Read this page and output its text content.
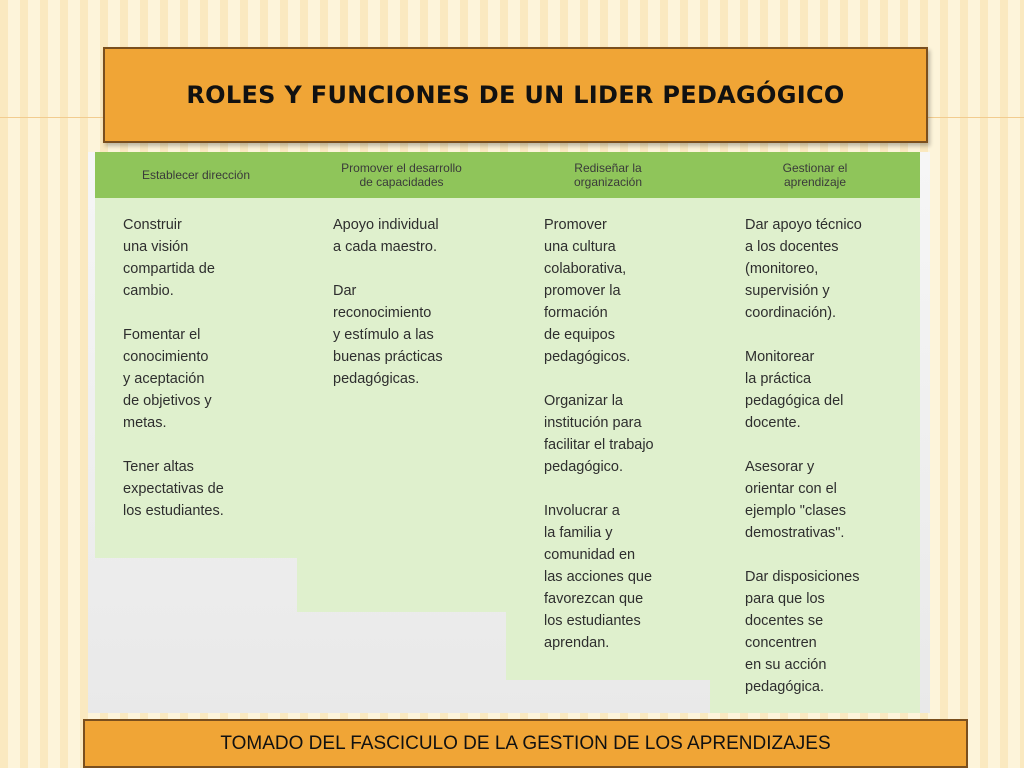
ROLES Y FUNCIONES DE UN LIDER PEDAGÓGICO
Establecer dirección
Construir
una visión
compartida de
cambio.
Fomentar el
conocimiento
y aceptación
de objetivos y
metas.
Tener altas
expectativas de
los estudiantes.
Promover el desarrollo
de capacidades
Apoyo individual
a cada maestro.
Dar
reconocimiento
y estímulo a las
buenas prácticas
pedagógicas.
Rediseñar la
organización
Promover
una cultura
colaborativa,
promover la
formación
de equipos
pedagógicos.
Organizar la
institución para
facilitar el trabajo
pedagógico.
Involucrar a
la familia y
comunidad en
las acciones que
favorezcan que
los estudiantes
aprendan.
Gestionar el
aprendizaje
Dar apoyo técnico
a los docentes
(monitoreo,
supervisión y
coordinación).
Monitorear
la práctica
pedagógica del
docente.
Asesorar y
orientar con el
ejemplo "clases
demostrativas".
Dar disposiciones
para que los
docentes se
concentren
en su acción
pedagógica.
TOMADO DEL FASCICULO DE LA GESTION DE LOS APRENDIZAJES
